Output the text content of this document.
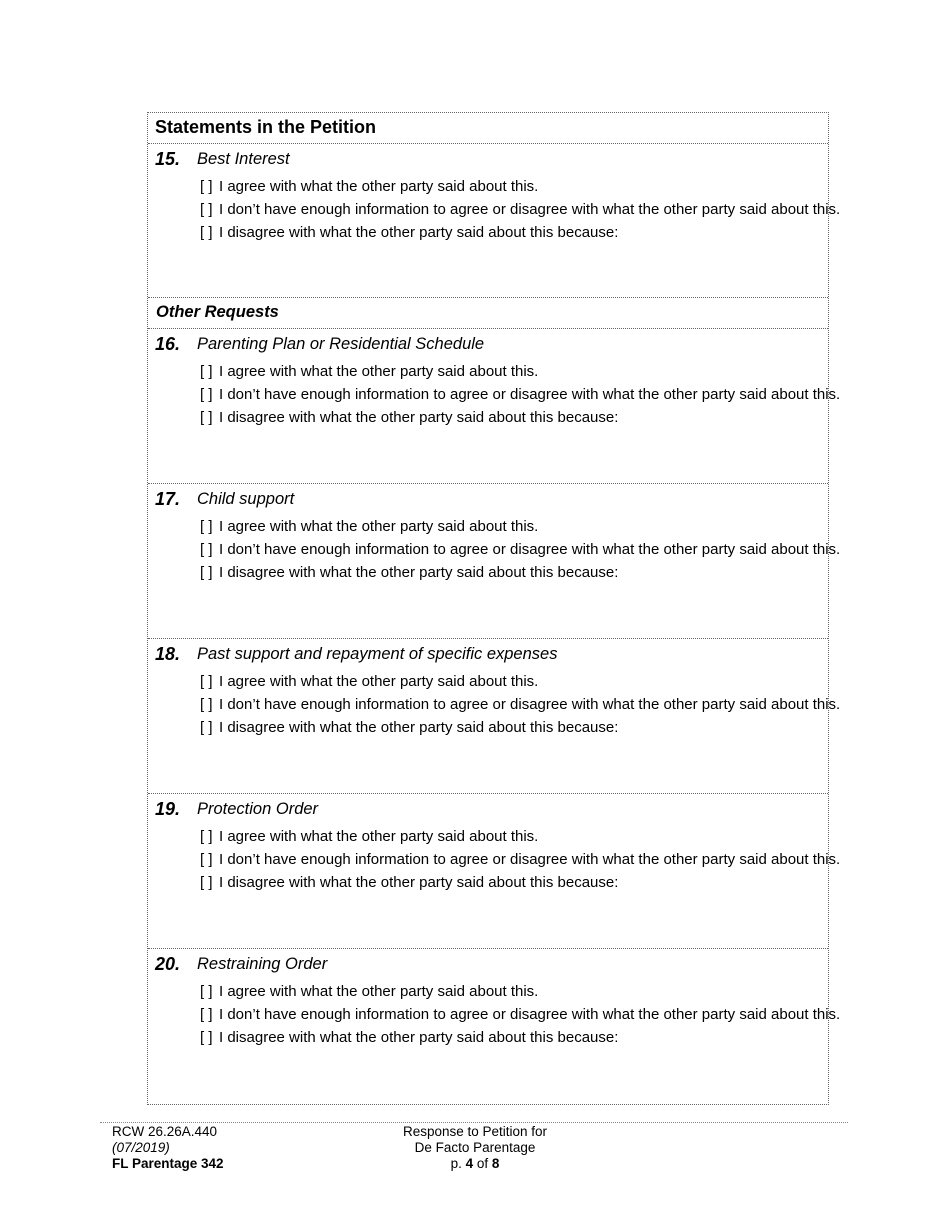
Statements in the Petition
15. Best Interest
[ ] I agree with what the other party said about this.
[ ] I don’t have enough information to agree or disagree with what the other party said about this.
[ ] I disagree with what the other party said about this because:
Other Requests
16. Parenting Plan or Residential Schedule
[ ] I agree with what the other party said about this.
[ ] I don’t have enough information to agree or disagree with what the other party said about this.
[ ] I disagree with what the other party said about this because:
17. Child support
[ ] I agree with what the other party said about this.
[ ] I don’t have enough information to agree or disagree with what the other party said about this.
[ ] I disagree with what the other party said about this because:
18. Past support and repayment of specific expenses
[ ] I agree with what the other party said about this.
[ ] I don’t have enough information to agree or disagree with what the other party said about this.
[ ] I disagree with what the other party said about this because:
19. Protection Order
[ ] I agree with what the other party said about this.
[ ] I don’t have enough information to agree or disagree with what the other party said about this.
[ ] I disagree with what the other party said about this because:
20. Restraining Order
[ ] I agree with what the other party said about this.
[ ] I don’t have enough information to agree or disagree with what the other party said about this.
[ ] I disagree with what the other party said about this because:
RCW 26.26A.440
(07/2019)
FL Parentage 342
Response to Petition for
De Facto Parentage
p. 4 of 8
